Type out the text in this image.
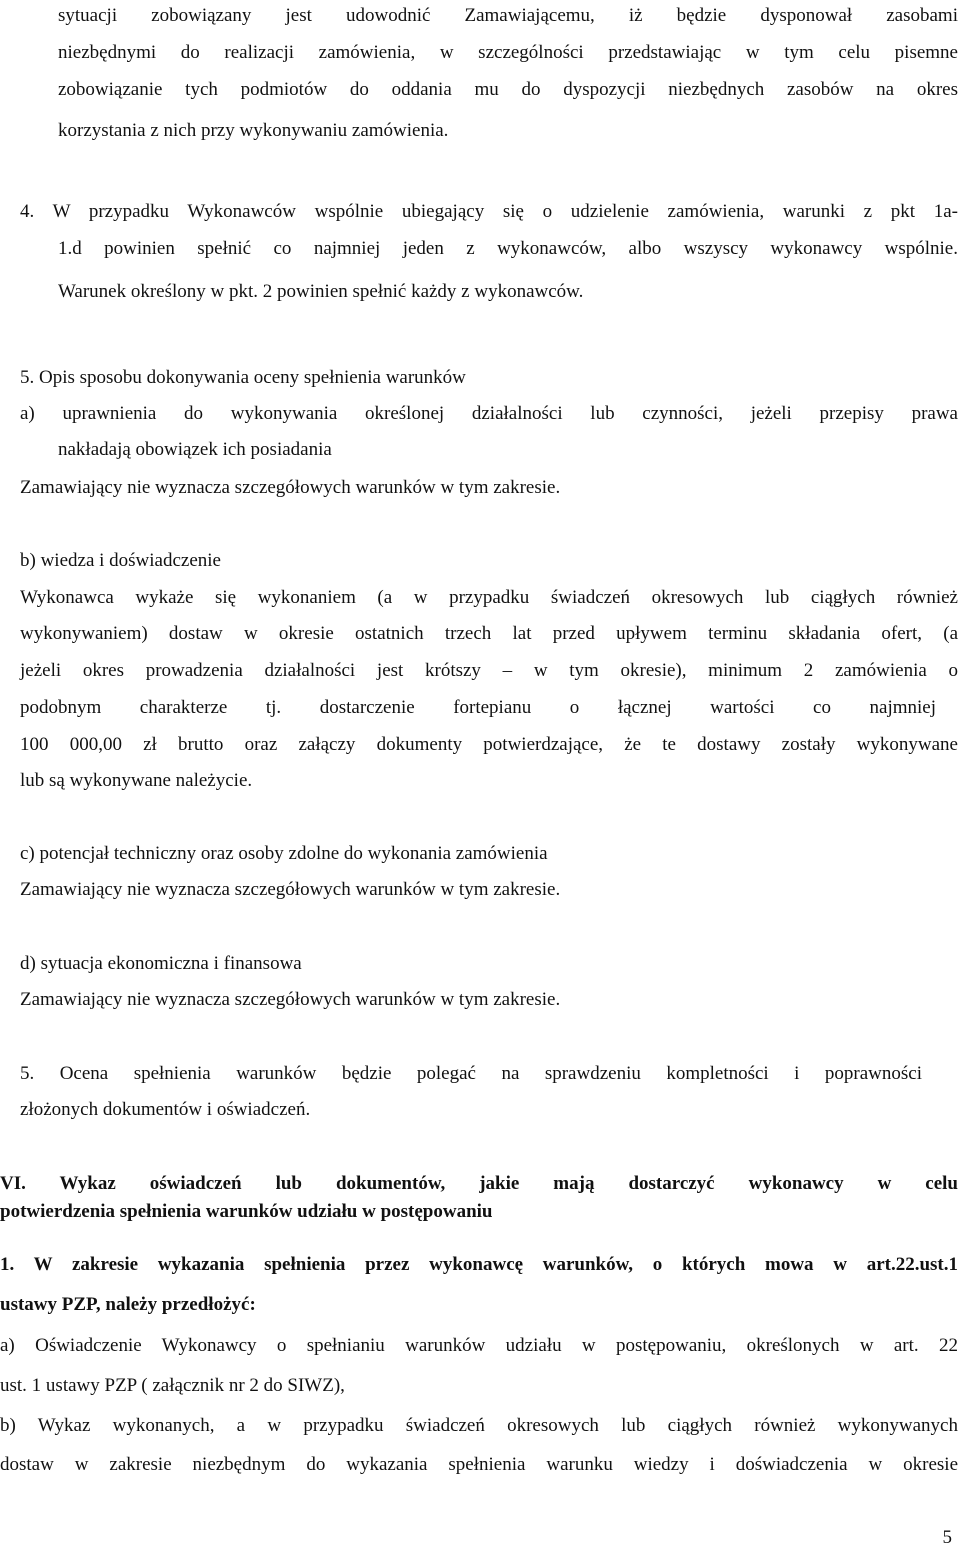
sytuacji zobowiązany jest udowodnić Zamawiającemu, iż będzie dysponował zasobami
niezbędnymi do realizacji zamówienia, w szczególności przedstawiając w tym celu pisemne
zobowiązanie tych podmiotów do oddania mu do dyspozycji niezbędnych zasobów na okres
korzystania z nich przy wykonywaniu zamówienia.
4. W przypadku Wykonawców wspólnie ubiegający się o udzielenie zamówienia, warunki z pkt 1a-
1.d powinien spełnić co najmniej jeden z wykonawców, albo wszyscy wykonawcy wspólnie.
Warunek określony w pkt. 2 powinien spełnić każdy z wykonawców.
5. Opis sposobu dokonywania oceny spełnienia warunków
a) uprawnienia do wykonywania określonej działalności lub czynności, jeżeli przepisy prawa
nakładają obowiązek ich posiadania
Zamawiający nie wyznacza szczegółowych warunków w tym zakresie.
b) wiedza i doświadczenie
Wykonawca wykaże się wykonaniem (a w przypadku świadczeń okresowych lub ciągłych również
wykonywaniem) dostaw w okresie ostatnich trzech lat przed upływem terminu składania ofert, (a
jeżeli okres prowadzenia działalności jest krótszy – w tym okresie), minimum 2 zamówienia o
podobnym charakterze tj. dostarczenie fortepianu o łącznej wartości co najmniej
100 000,00 zł brutto oraz załączy dokumenty potwierdzające, że te dostawy zostały wykonywane
lub są wykonywane należycie.
c) potencjał techniczny oraz osoby zdolne do wykonania zamówienia
Zamawiający nie wyznacza szczegółowych warunków w tym zakresie.
d) sytuacja ekonomiczna i finansowa
Zamawiający nie wyznacza szczegółowych warunków w tym zakresie.
5. Ocena spełnienia warunków będzie polegać na sprawdzeniu kompletności i poprawności
złożonych dokumentów i oświadczeń.
VI. Wykaz oświadczeń lub dokumentów, jakie mają dostarczyć wykonawcy w celu
potwierdzenia spełnienia warunków udziału w postępowaniu
1. W zakresie wykazania spełnienia przez wykonawcę warunków, o których mowa w art.22.ust.1
ustawy PZP, należy przedłożyć:
a) Oświadczenie Wykonawcy o spełnianiu warunków udziału w postępowaniu, określonych w art. 22
ust. 1 ustawy PZP ( załącznik nr 2 do SIWZ),
b) Wykaz wykonanych, a w przypadku świadczeń okresowych lub ciągłych również wykonywanych
dostaw w zakresie niezbędnym do wykazania spełnienia warunku wiedzy i doświadczenia w okresie
5
